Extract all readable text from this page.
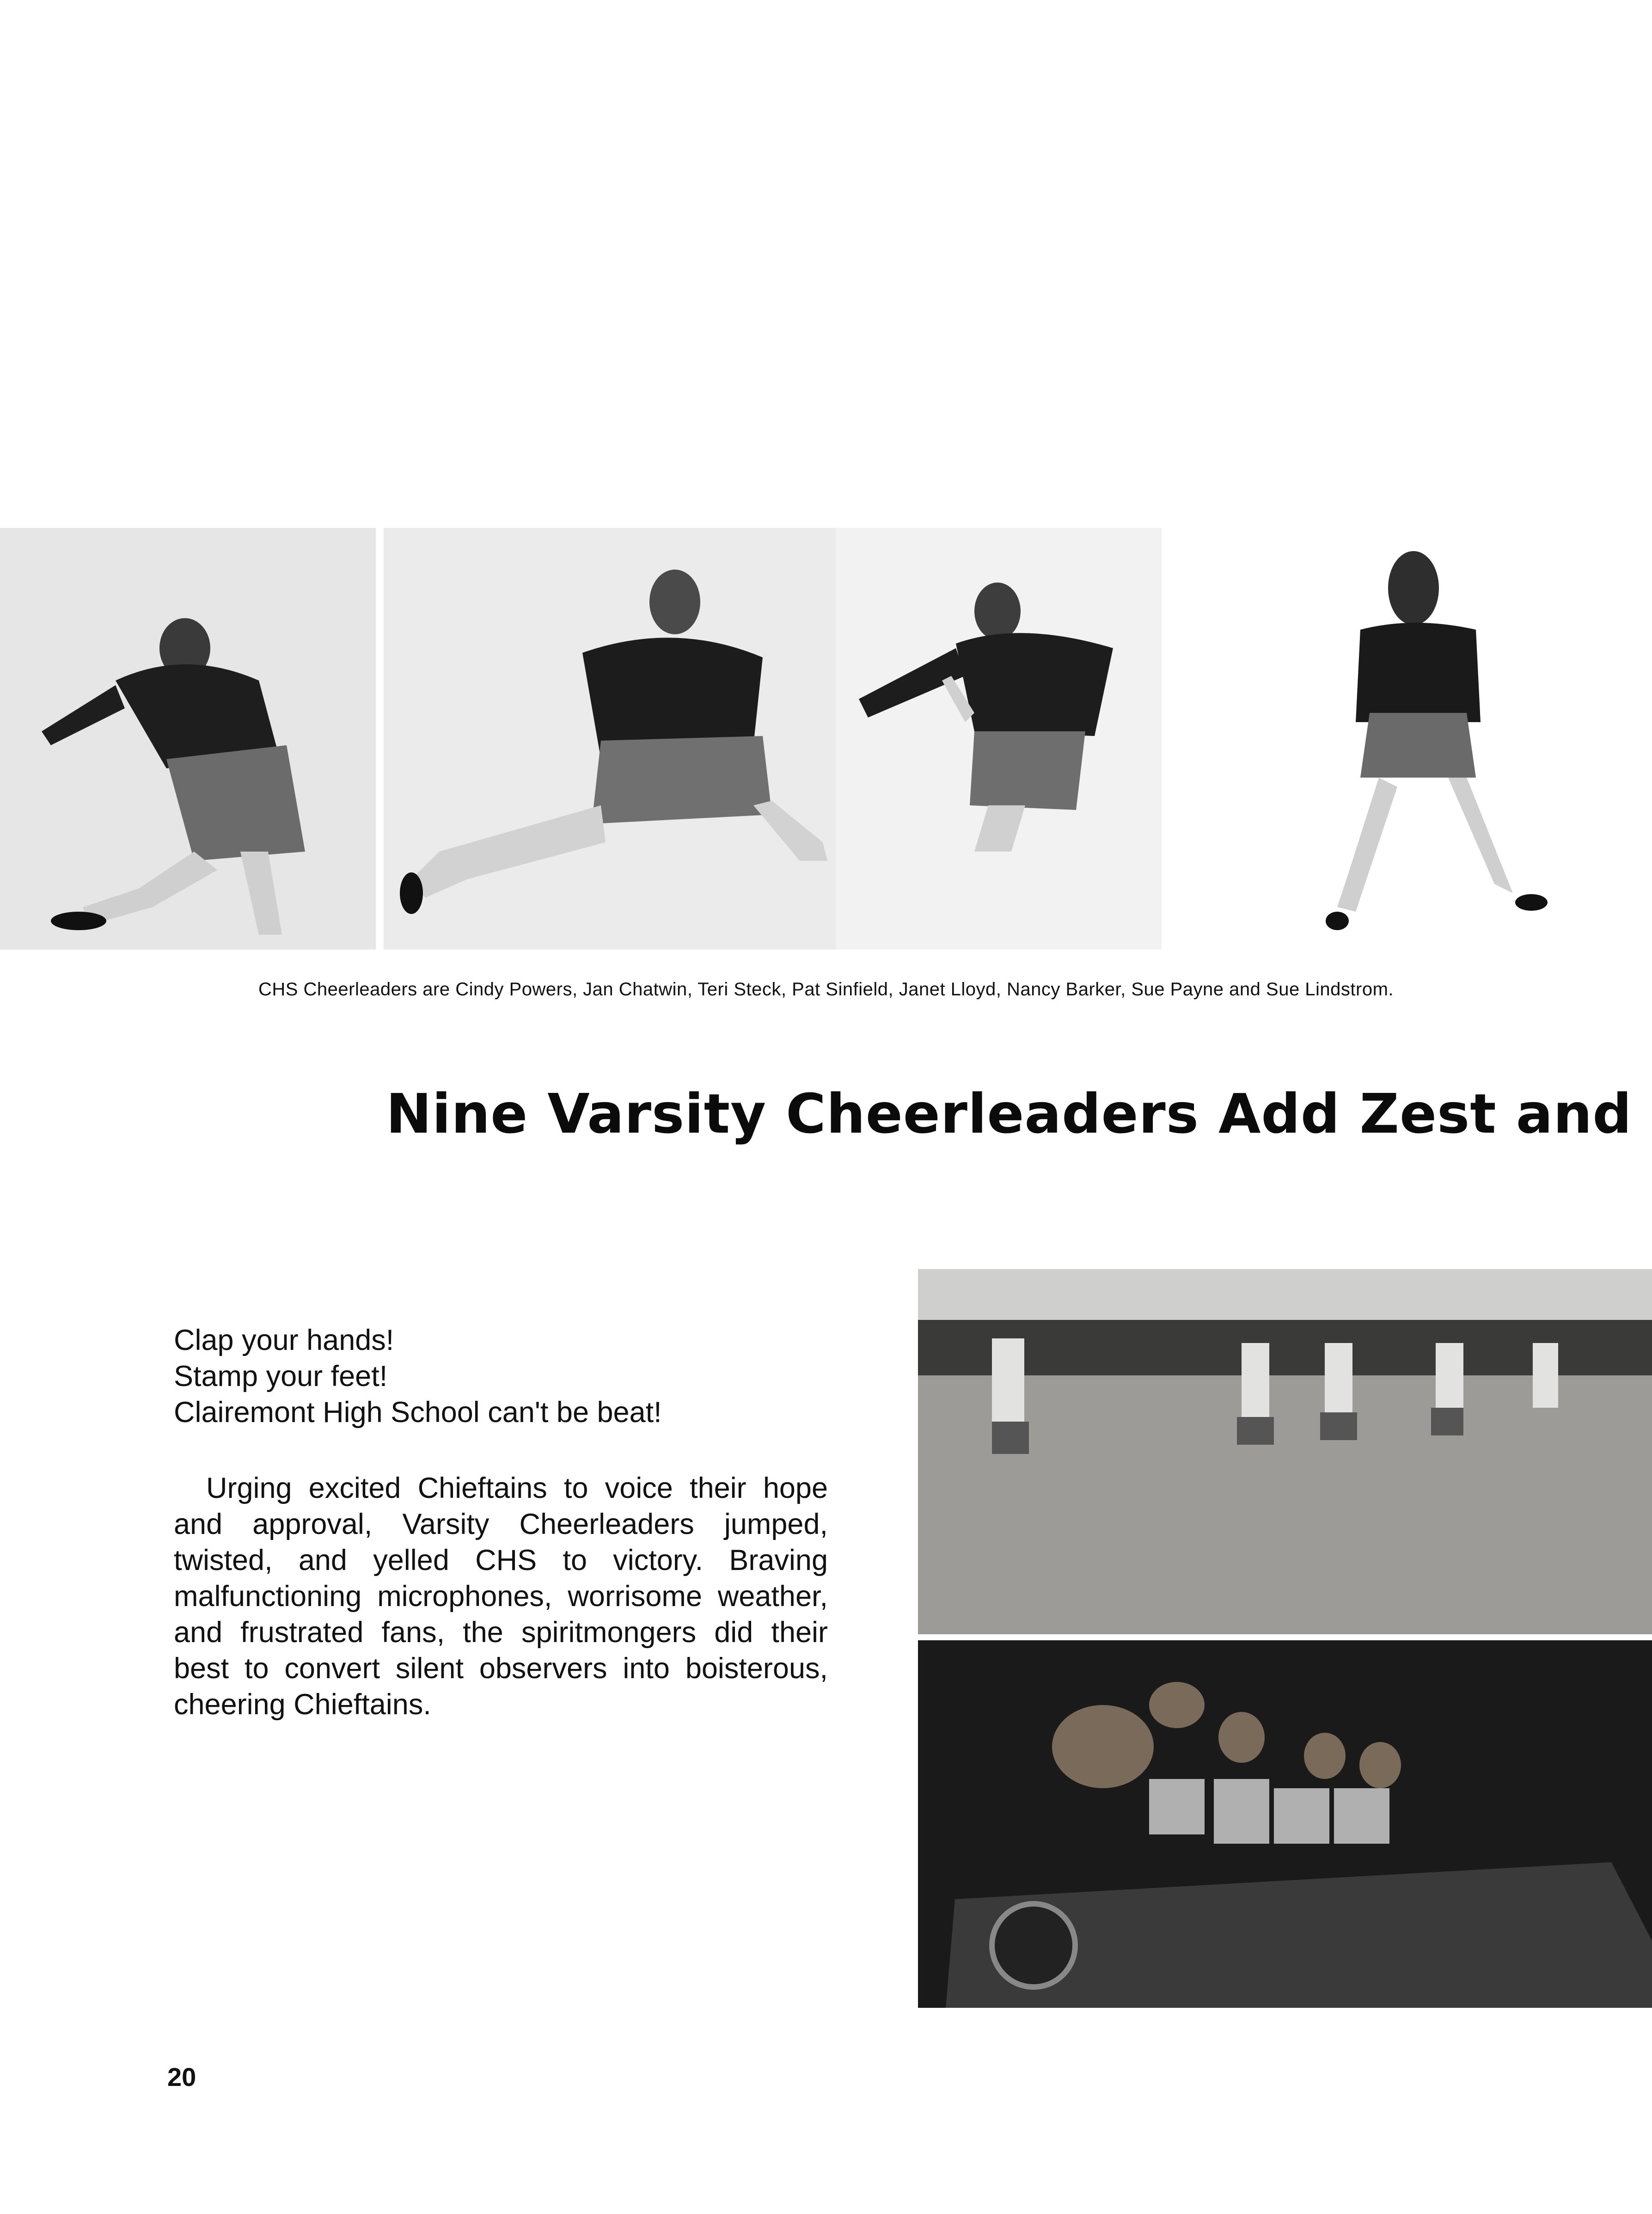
CHS Cheerleaders are Cindy Powers, Jan Chatwin, Teri Steck, Pat Sinfield, Janet Lloyd, Nancy Barker, Sue Payne and Sue Lindstrom.
Nine Varsity Cheerleaders Add Zest and
Clap your hands!
Stamp your feet!
Clairemont High School can't be beat!
Urging excited Chieftains to voice their hope and approval, Varsity Cheerleaders jumped, twisted, and yelled CHS to victory. Braving malfunctioning microphones, worrisome weather, and frustrated fans, the spiritmongers did their best to convert silent observers into boisterous, cheering Chieftains.
20
